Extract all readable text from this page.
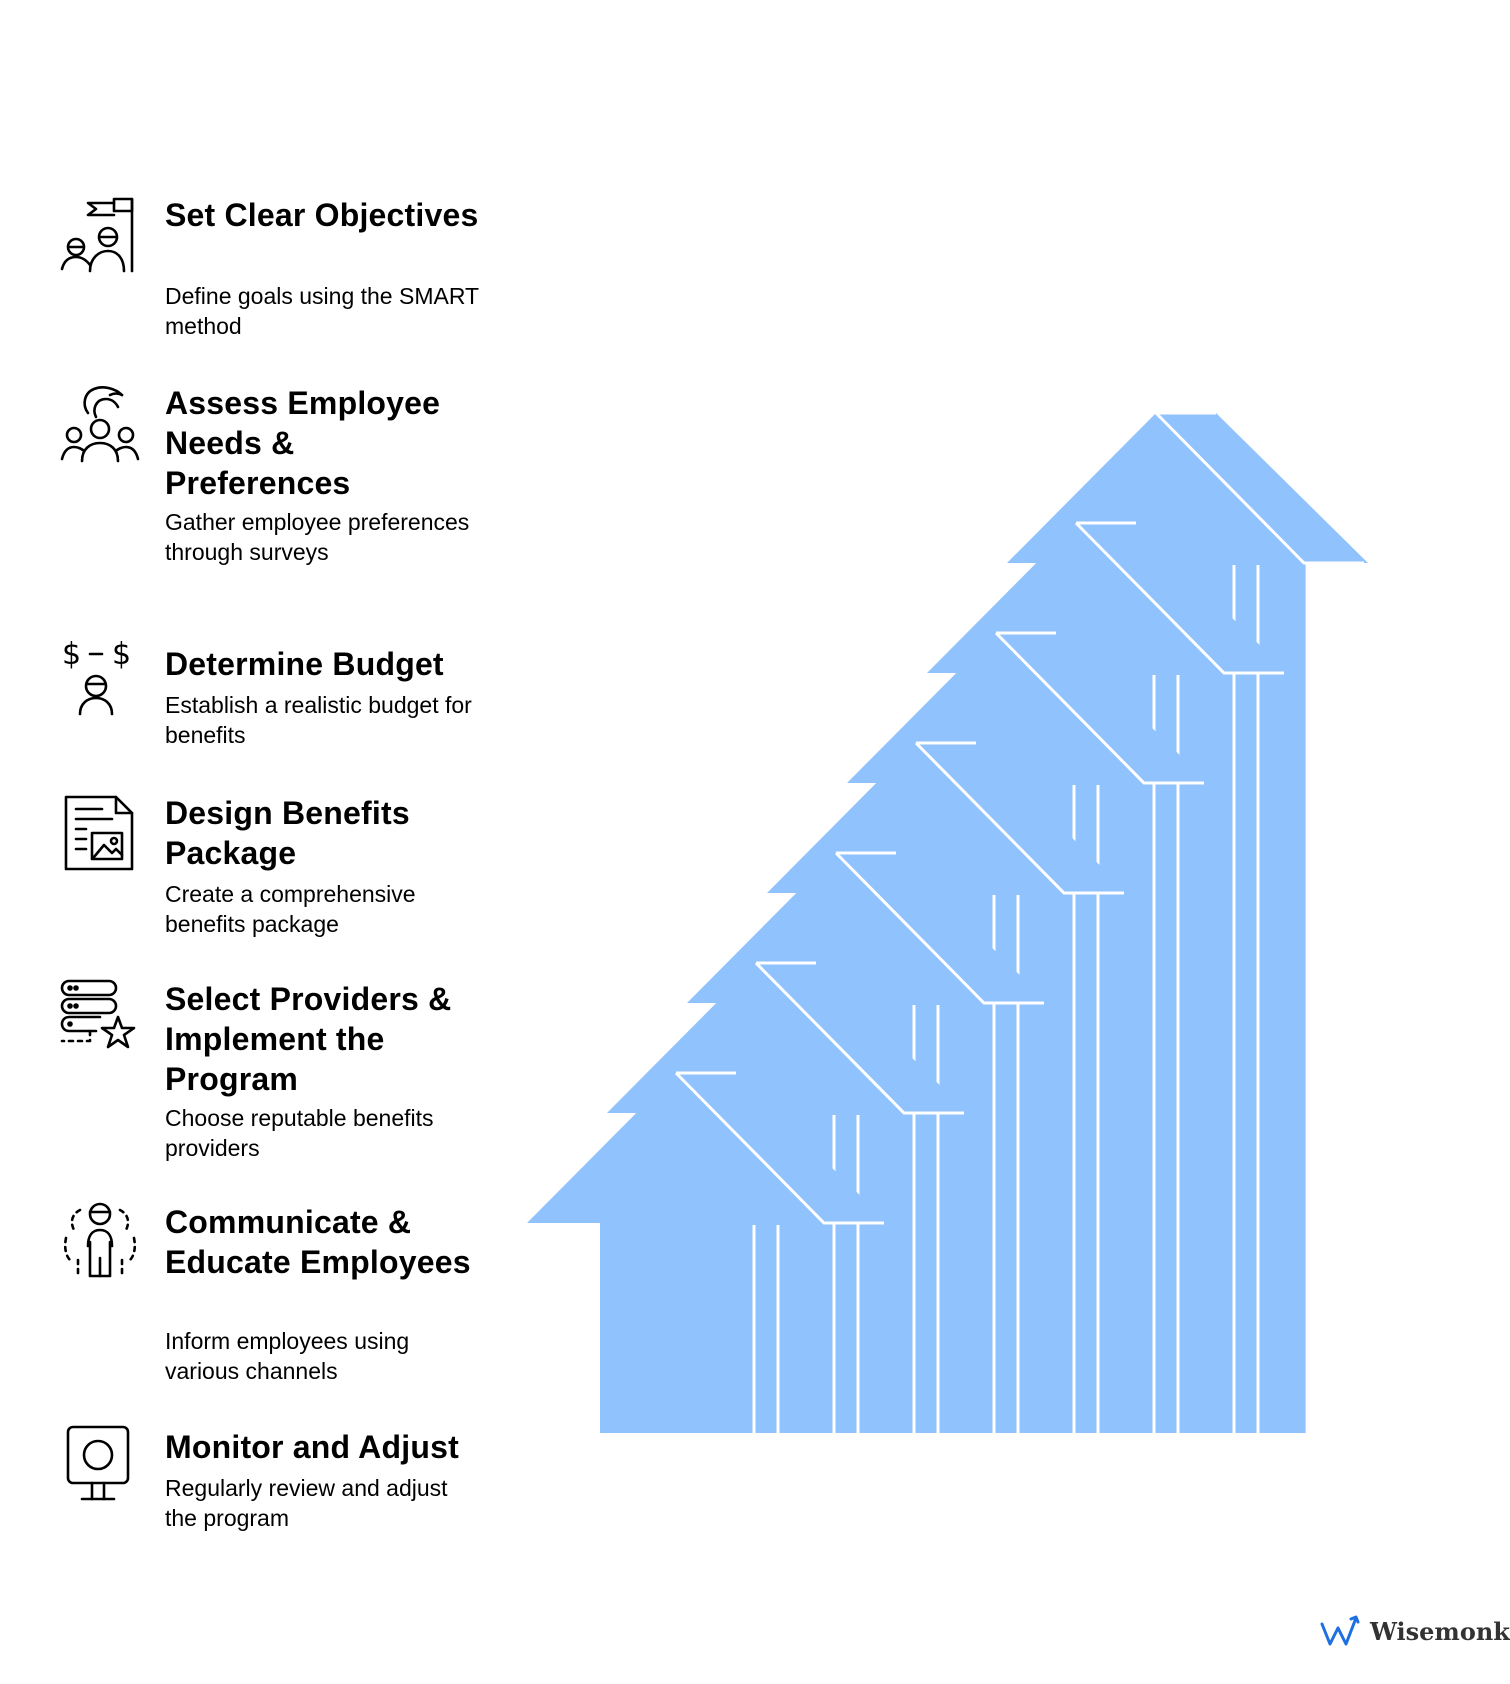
Set Clear Objectives

Define goals using the SMART method

Assess Employee Needs & Preferences

Gather employee preferences through surveys

$ $ Determine Budget

Establish a realistic budget for benefits

Design Benefits Package

Create a comprehensive benefits package

Select Providers & Implement the Program

Choose reputable benefits providers

Communicate & Educate Employees

Inform employees using various channels

Monitor and Adjust

Regularly review and adjust the program

Wisemonk
